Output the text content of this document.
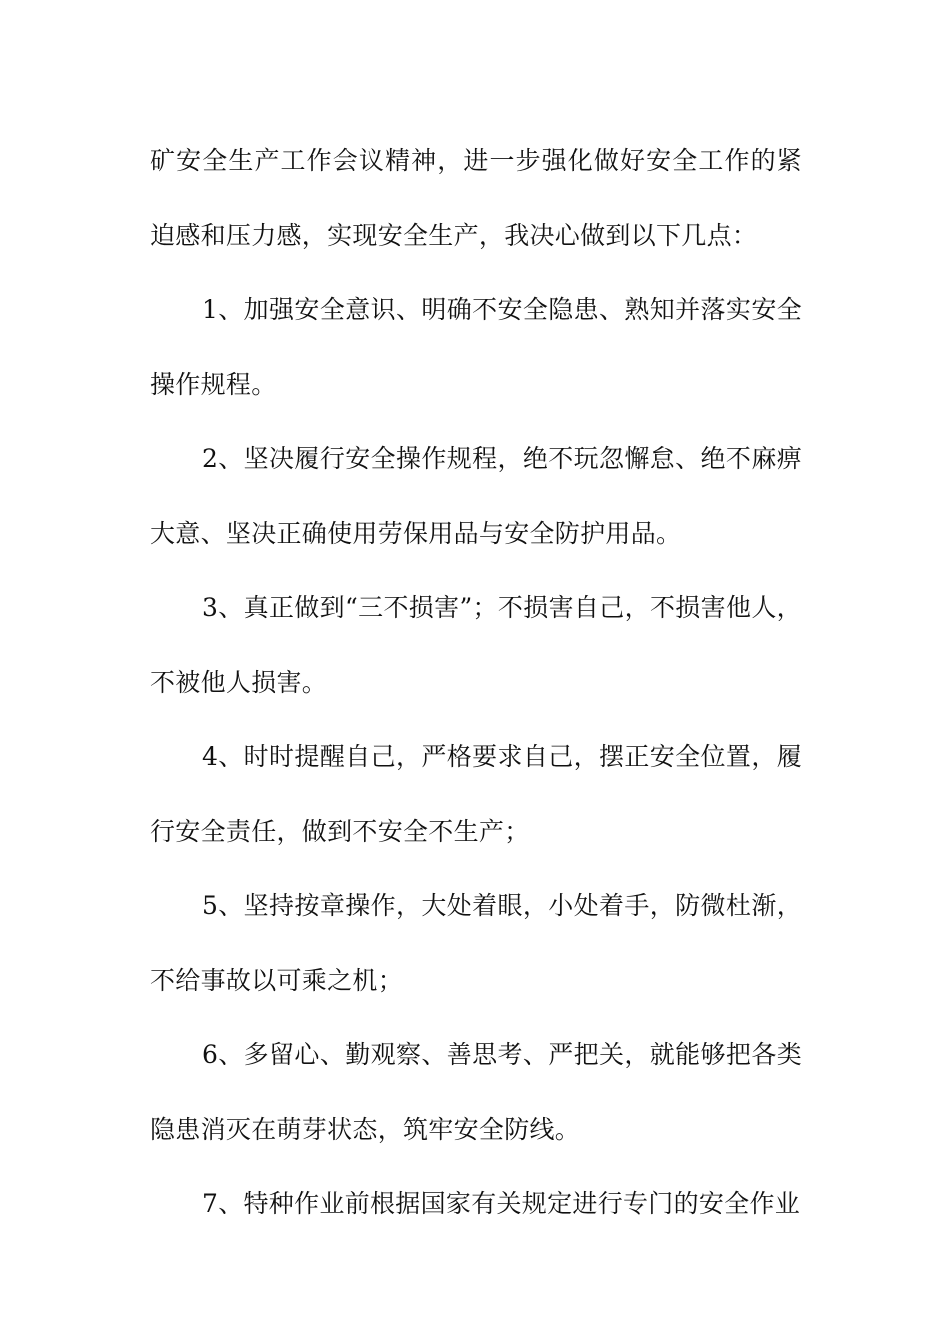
矿安全生产工作会议精神，进一步强化做好安全工作的紧迫感和压力感，实现安全生产，我决心做到以下几点：

1、加强安全意识、明确不安全隐患、熟知并落实安全操作规程。

2、坚决履行安全操作规程，绝不玩忽懈怠、绝不麻痹大意、坚决正确使用劳保用品与安全防护用品。

3、真正做到“三不损害”；不损害自己，不损害他人，不被他人损害。

4、时时提醒自己，严格要求自己，摆正安全位置，履行安全责任，做到不安全不生产；

5、坚持按章操作，大处着眼，小处着手，防微杜渐，不给事故以可乘之机；

6、多留心、勤观察、善思考、严把关，就能够把各类隐患消灭在萌芽状态，筑牢安全防线。

7、特种作业前根据国家有关规定进行专门的安全作业
